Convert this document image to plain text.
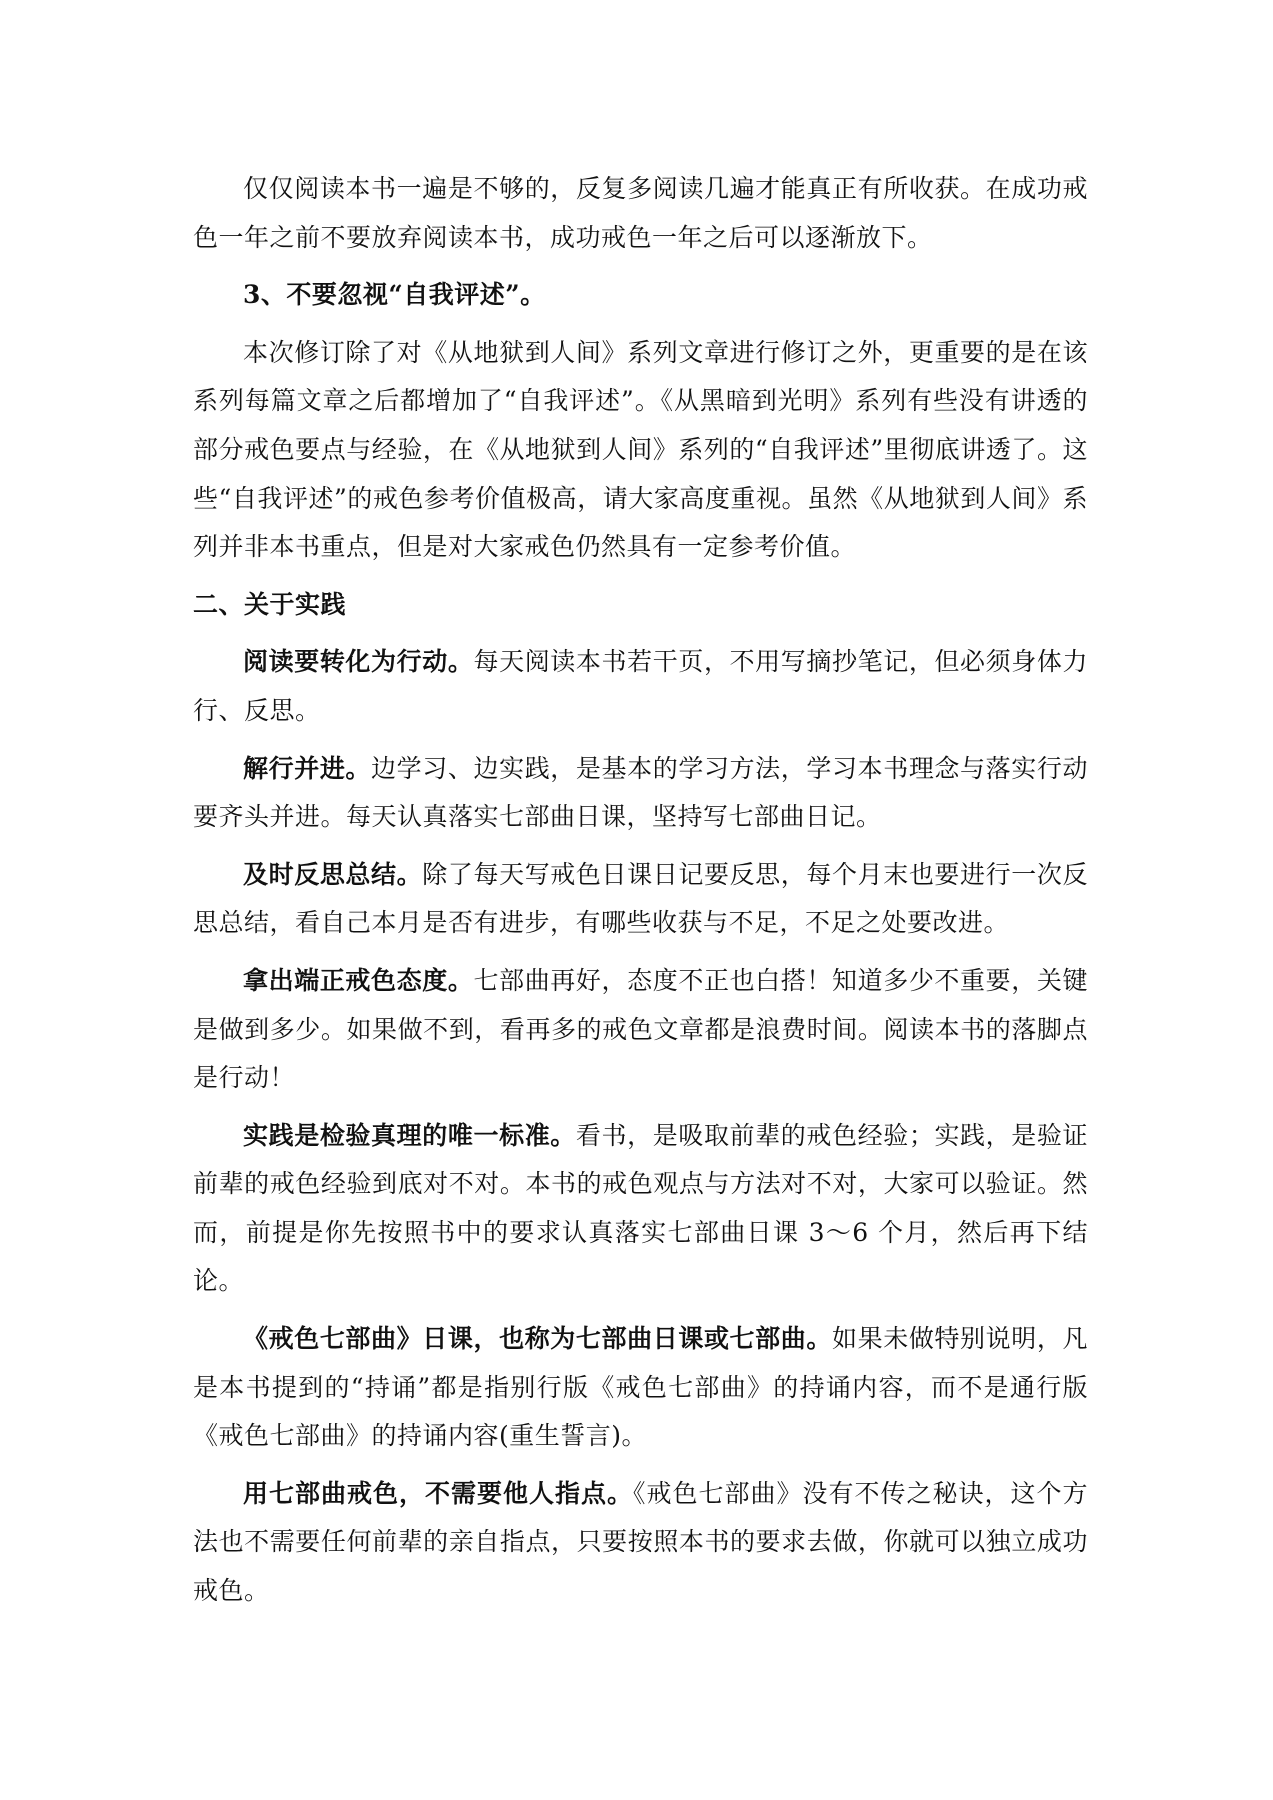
仅仅阅读本书一遍是不够的，反复多阅读几遍才能真正有所收获。在成功戒色一年之前不要放弃阅读本书，成功戒色一年之后可以逐渐放下。

3、不要忽视“自我评述”。

本次修订除了对《从地狱到人间》系列文章进行修订之外，更重要的是在该系列每篇文章之后都增加了“自我评述”。《从黑暗到光明》系列有些没有讲透的部分戒色要点与经验，在《从地狱到人间》系列的“自我评述”里彻底讲透了。这些“自我评述”的戒色参考价值极高，请大家高度重视。虽然《从地狱到人间》系列并非本书重点，但是对大家戒色仍然具有一定参考价值。

二、关于实践

阅读要转化为行动。每天阅读本书若干页，不用写摘抄笔记，但必须身体力行、反思。

解行并进。边学习、边实践，是基本的学习方法，学习本书理念与落实行动要齐头并进。每天认真落实七部曲日课，坚持写七部曲日记。

及时反思总结。除了每天写戒色日课日记要反思，每个月末也要进行一次反思总结，看自己本月是否有进步，有哪些收获与不足，不足之处要改进。

拿出端正戒色态度。七部曲再好，态度不正也白搭！知道多少不重要，关键是做到多少。如果做不到，看再多的戒色文章都是浪费时间。阅读本书的落脚点是行动！

实践是检验真理的唯一标准。看书，是吸取前辈的戒色经验；实践，是验证前辈的戒色经验到底对不对。本书的戒色观点与方法对不对，大家可以验证。然而，前提是你先按照书中的要求认真落实七部曲日课 3～6 个月，然后再下结论。

《戒色七部曲》日课，也称为七部曲日课或七部曲。如果未做特别说明，凡是本书提到的“持诵”都是指别行版《戒色七部曲》的持诵内容，而不是通行版《戒色七部曲》的持诵内容(重生誓言)。

用七部曲戒色，不需要他人指点。《戒色七部曲》没有不传之秘诀，这个方法也不需要任何前辈的亲自指点，只要按照本书的要求去做，你就可以独立成功戒色。
